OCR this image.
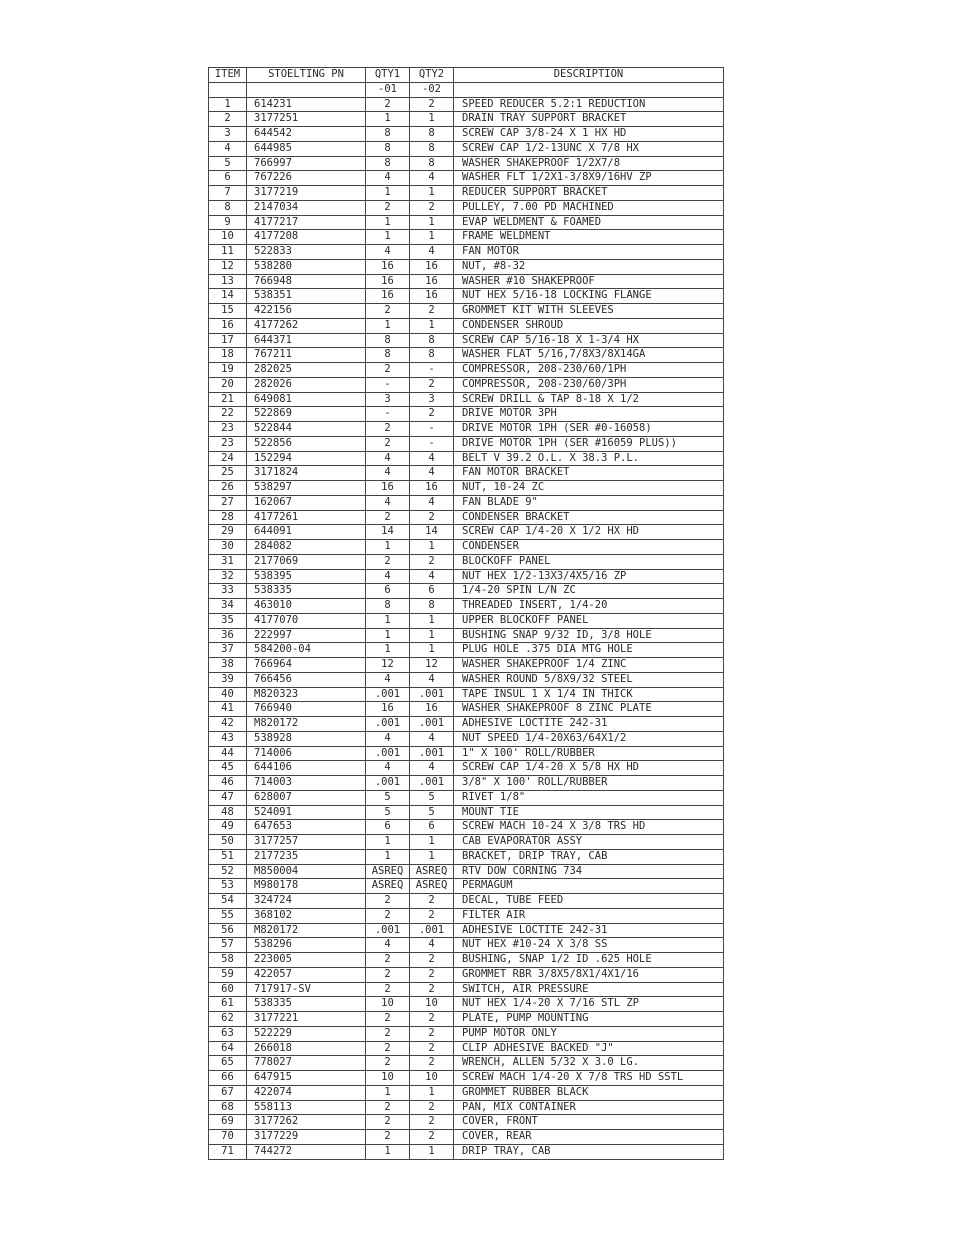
ITEM	STOELTING PN	QTY1	QTY2	DESCRIPTION
		-01	-02	
1	614231	2	2	SPEED REDUCER 5.2:1 REDUCTION
2	3177251	1	1	DRAIN TRAY SUPPORT BRACKET
3	644542	8	8	SCREW CAP 3/8-24 X 1 HX HD
4	644985	8	8	SCREW CAP 1/2-13UNC X 7/8 HX
5	766997	8	8	WASHER SHAKEPROOF 1/2X7/8
6	767226	4	4	WASHER FLT 1/2X1-3/8X9/16HV ZP
7	3177219	1	1	REDUCER SUPPORT BRACKET
8	2147034	2	2	PULLEY, 7.00 PD MACHINED
9	4177217	1	1	EVAP WELDMENT & FOAMED
10	4177208	1	1	FRAME WELDMENT
11	522833	4	4	FAN MOTOR
12	538280	16	16	NUT, #8-32
13	766948	16	16	WASHER #10 SHAKEPROOF
14	538351	16	16	NUT HEX 5/16-18 LOCKING FLANGE
15	422156	2	2	GROMMET KIT WITH SLEEVES
16	4177262	1	1	CONDENSER SHROUD
17	644371	8	8	SCREW CAP 5/16-18 X 1-3/4 HX
18	767211	8	8	WASHER FLAT 5/16,7/8X3/8X14GA
19	282025	2	-	COMPRESSOR, 208-230/60/1PH
20	282026	-	2	COMPRESSOR, 208-230/60/3PH
21	649081	3	3	SCREW DRILL & TAP 8-18 X 1/2
22	522869	-	2	DRIVE MOTOR 3PH
23	522844	2	-	DRIVE MOTOR 1PH (SER #0-16058)
23	522856	2	-	DRIVE MOTOR 1PH (SER #16059 PLUS))
24	152294	4	4	BELT V 39.2 O.L. X 38.3 P.L.
25	3171824	4	4	FAN MOTOR BRACKET
26	538297	16	16	NUT, 10-24 ZC
27	162067	4	4	FAN BLADE 9"
28	4177261	2	2	CONDENSER BRACKET
29	644091	14	14	SCREW CAP 1/4-20 X 1/2 HX HD
30	284082	1	1	CONDENSER
31	2177069	2	2	BLOCKOFF PANEL
32	538395	4	4	NUT HEX 1/2-13X3/4X5/16 ZP
33	538335	6	6	1/4-20 SPIN L/N ZC
34	463010	8	8	THREADED INSERT, 1/4-20
35	4177070	1	1	UPPER BLOCKOFF PANEL
36	222997	1	1	BUSHING SNAP 9/32 ID, 3/8 HOLE
37	584200-04	1	1	PLUG HOLE .375 DIA MTG HOLE
38	766964	12	12	WASHER SHAKEPROOF 1/4 ZINC
39	766456	4	4	WASHER ROUND 5/8X9/32 STEEL
40	M820323	.001	.001	TAPE INSUL 1 X 1/4 IN THICK
41	766940	16	16	WASHER SHAKEPROOF 8 ZINC PLATE
42	M820172	.001	.001	ADHESIVE LOCTITE 242-31
43	538928	4	4	NUT SPEED 1/4-20X63/64X1/2
44	714006	.001	.001	1" X 100' ROLL/RUBBER
45	644106	4	4	SCREW CAP 1/4-20 X 5/8 HX HD
46	714003	.001	.001	3/8" X 100' ROLL/RUBBER
47	628007	5	5	RIVET 1/8"
48	524091	5	5	MOUNT TIE
49	647653	6	6	SCREW MACH 10-24 X 3/8 TRS HD
50	3177257	1	1	CAB EVAPORATOR ASSY
51	2177235	1	1	BRACKET, DRIP TRAY, CAB
52	M850004	ASREQ	ASREQ	RTV DOW CORNING 734
53	M980178	ASREQ	ASREQ	PERMAGUM
54	324724	2	2	DECAL, TUBE FEED
55	368102	2	2	FILTER AIR
56	M820172	.001	.001	ADHESIVE LOCTITE 242-31
57	538296	4	4	NUT HEX #10-24 X 3/8 SS
58	223005	2	2	BUSHING, SNAP 1/2 ID .625 HOLE
59	422057	2	2	GROMMET RBR 3/8X5/8X1/4X1/16
60	717917-SV	2	2	SWITCH, AIR PRESSURE
61	538335	10	10	NUT HEX 1/4-20 X 7/16 STL ZP
62	3177221	2	2	PLATE, PUMP MOUNTING
63	522229	2	2	PUMP MOTOR ONLY
64	266018	2	2	CLIP ADHESIVE BACKED "J"
65	778027	2	2	WRENCH, ALLEN 5/32 X 3.0 LG.
66	647915	10	10	SCREW MACH 1/4-20 X 7/8 TRS HD SSTL
67	422074	1	1	GROMMET RUBBER BLACK
68	558113	2	2	PAN, MIX CONTAINER
69	3177262	2	2	COVER, FRONT
70	3177229	2	2	COVER, REAR
71	744272	1	1	DRIP TRAY, CAB
